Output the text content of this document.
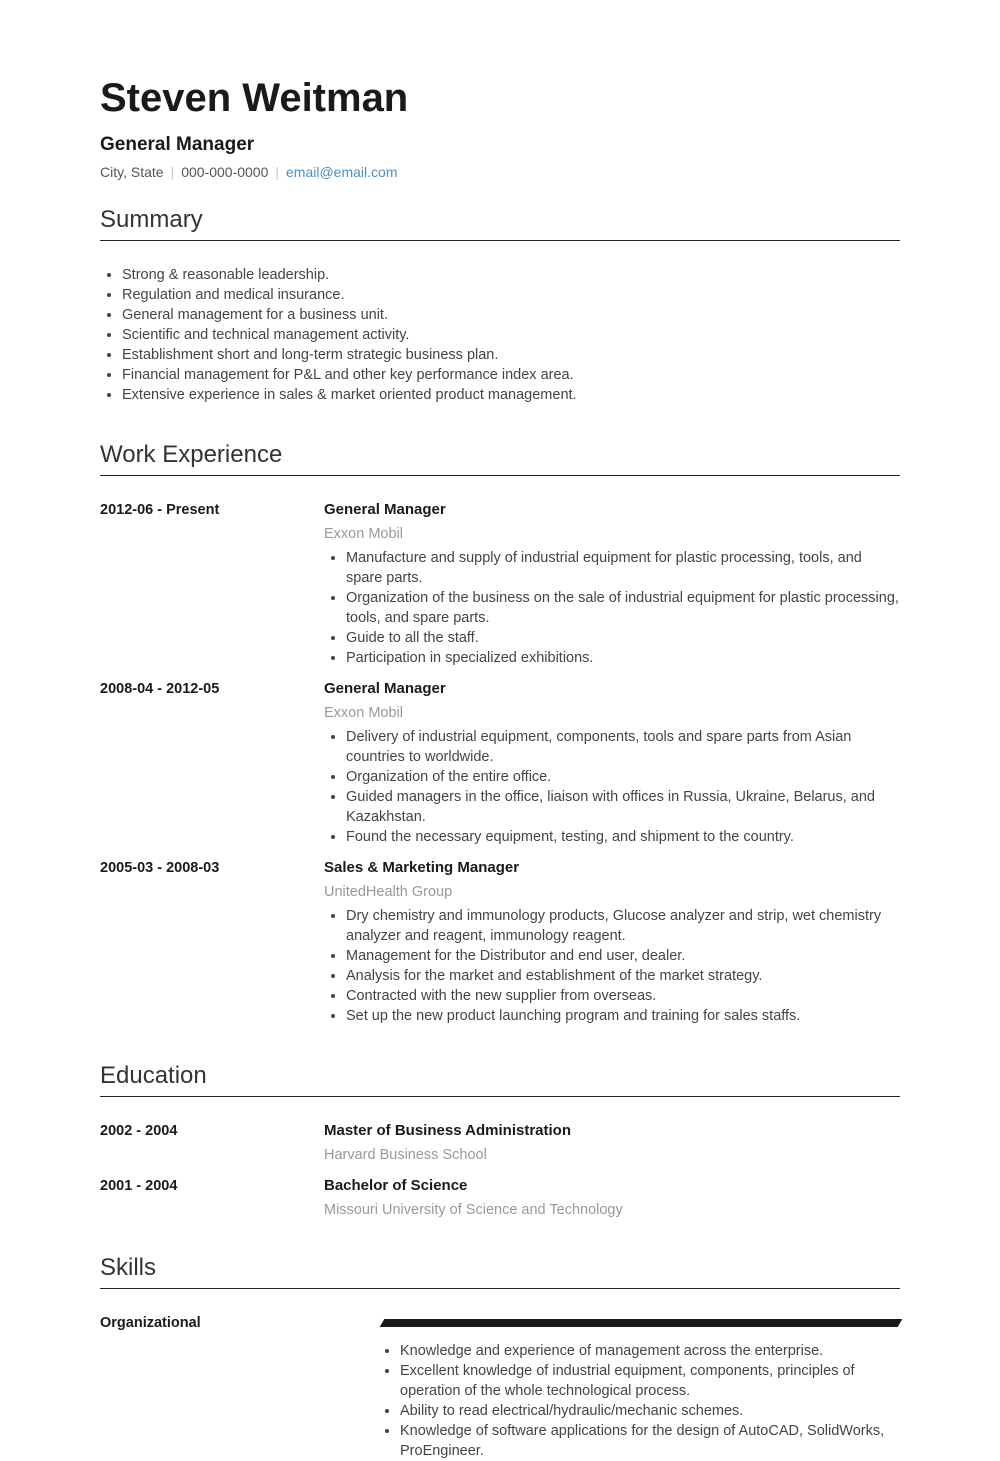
Steven Weitman
General Manager
City, State | 000-000-0000 | email@email.com
Summary
• Strong & reasonable leadership.
• Regulation and medical insurance.
• General management for a business unit.
• Scientific and technical management activity.
• Establishment short and long-term strategic business plan.
• Financial management for P&L and other key performance index area.
• Extensive experience in sales & market oriented product management.
Work Experience
2012-06 - Present	General Manager
Exxon Mobil
• Manufacture and supply of industrial equipment for plastic processing, tools, and spare parts.
• Organization of the business on the sale of industrial equipment for plastic processing, tools, and spare parts.
• Guide to all the staff.
• Participation in specialized exhibitions.
2008-04 - 2012-05	General Manager
Exxon Mobil
• Delivery of industrial equipment, components, tools and spare parts from Asian countries to worldwide.
• Organization of the entire office.
• Guided managers in the office, liaison with offices in Russia, Ukraine, Belarus, and Kazakhstan.
• Found the necessary equipment, testing, and shipment to the country.
2005-03 - 2008-03	Sales & Marketing Manager
UnitedHealth Group
• Dry chemistry and immunology products, Glucose analyzer and strip, wet chemistry analyzer and reagent, immunology reagent.
• Management for the Distributor and end user, dealer.
• Analysis for the market and establishment of the market strategy.
• Contracted with the new supplier from overseas.
• Set up the new product launching program and training for sales staffs.
Education
2002 - 2004	Master of Business Administration
Harvard Business School
2001 - 2004	Bachelor of Science
Missouri University of Science and Technology
Skills
Organizational
• Knowledge and experience of management across the enterprise.
• Excellent knowledge of industrial equipment, components, principles of operation of the whole technological process.
• Ability to read electrical/hydraulic/mechanic schemes.
• Knowledge of software applications for the design of AutoCAD, SolidWorks, ProEngineer.
